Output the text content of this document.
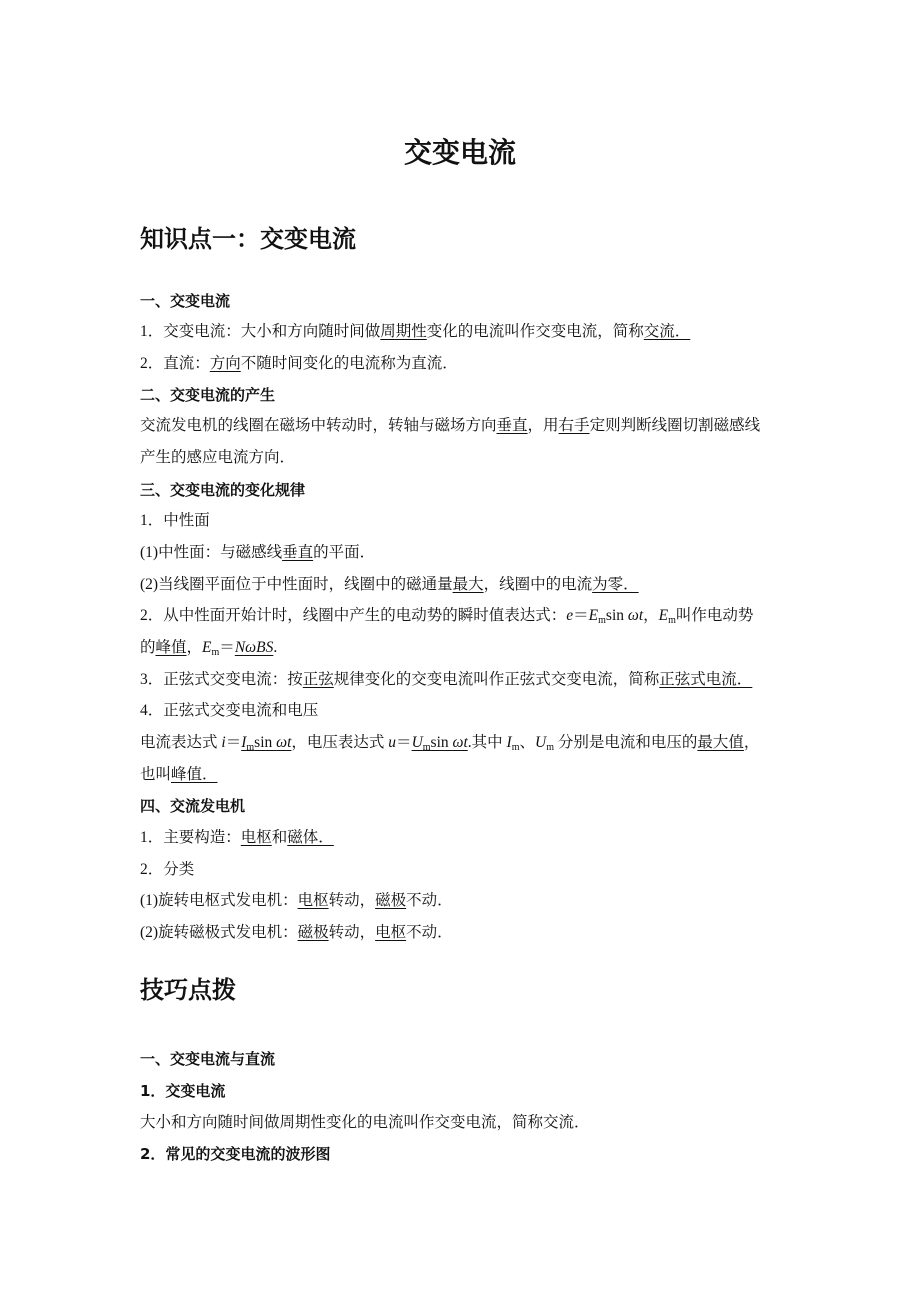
交变电流
知识点一：交变电流
一、交变电流
1．交变电流：大小和方向随时间做周期性变化的电流叫作交变电流，简称交流．
2．直流：方向不随时间变化的电流称为直流．
二、交变电流的产生
交流发电机的线圈在磁场中转动时，转轴与磁场方向垂直，用右手定则判断线圈切割磁感线
产生的感应电流方向．
三、交变电流的变化规律
1．中性面
(1)中性面：与磁感线垂直的平面．
(2)当线圈平面位于中性面时，线圈中的磁通量最大，线圈中的电流为零．
2．从中性面开始计时，线圈中产生的电动势的瞬时值表达式：$e=E_m\sin$ ωt，$E_m$叫作电动势
的峰值，$E_m=N\omega BS$.
3．正弦式交变电流：按正弦规律变化的交变电流叫作正弦式交变电流，简称正弦式电流．
4．正弦式交变电流和电压
电流表达式 $i=I_m\sin$ ωt，电压表达式 $u=U_m\sin$ ωt.其中 $I_m$、$U_m$ 分别是电流和电压的最大值，
也叫峰值．
四、交流发电机
1．主要构造：电枢和磁体．
2．分类
(1)旋转电枢式发电机：电枢转动，磁极不动．
(2)旋转磁极式发电机：磁极转动，电枢不动．
技巧点拨
一、交变电流与直流
1．交变电流
大小和方向随时间做周期性变化的电流叫作交变电流，简称交流．
2．常见的交变电流的波形图
